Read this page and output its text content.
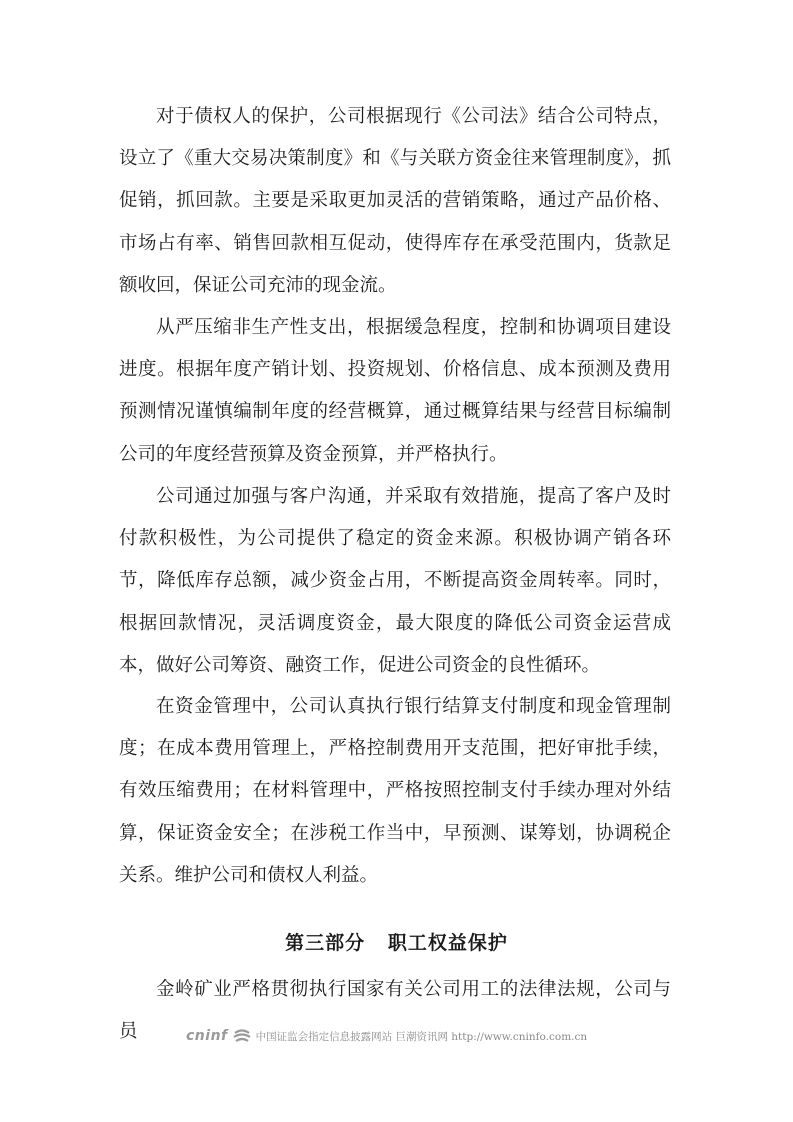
对于债权人的保护，公司根据现行《公司法》结合公司特点，设立了《重大交易决策制度》和《与关联方资金往来管理制度》，抓促销，抓回款。主要是采取更加灵活的营销策略，通过产品价格、市场占有率、销售回款相互促动，使得库存在承受范围内，货款足额收回，保证公司充沛的现金流。

从严压缩非生产性支出，根据缓急程度，控制和协调项目建设进度。根据年度产销计划、投资规划、价格信息、成本预测及费用预测情况谨慎编制年度的经营概算，通过概算结果与经营目标编制公司的年度经营预算及资金预算，并严格执行。

公司通过加强与客户沟通，并采取有效措施，提高了客户及时付款积极性，为公司提供了稳定的资金来源。积极协调产销各环节，降低库存总额，减少资金占用，不断提高资金周转率。同时，根据回款情况，灵活调度资金，最大限度的降低公司资金运营成本，做好公司筹资、融资工作，促进公司资金的良性循环。

在资金管理中，公司认真执行银行结算支付制度和现金管理制度；在成本费用管理上，严格控制费用开支范围，把好审批手续，有效压缩费用；在材料管理中，严格按照控制支付手续办理对外结算，保证资金安全；在涉税工作当中，早预测、谋筹划，协调税企关系。维护公司和债权人利益。

第三部分   职工权益保护

金岭矿业严格贯彻执行国家有关公司用工的法律法规，公司与员	cninf	中国证监会指定信息披露网站 巨潮资讯网 http://www.cninfo.com.cn
